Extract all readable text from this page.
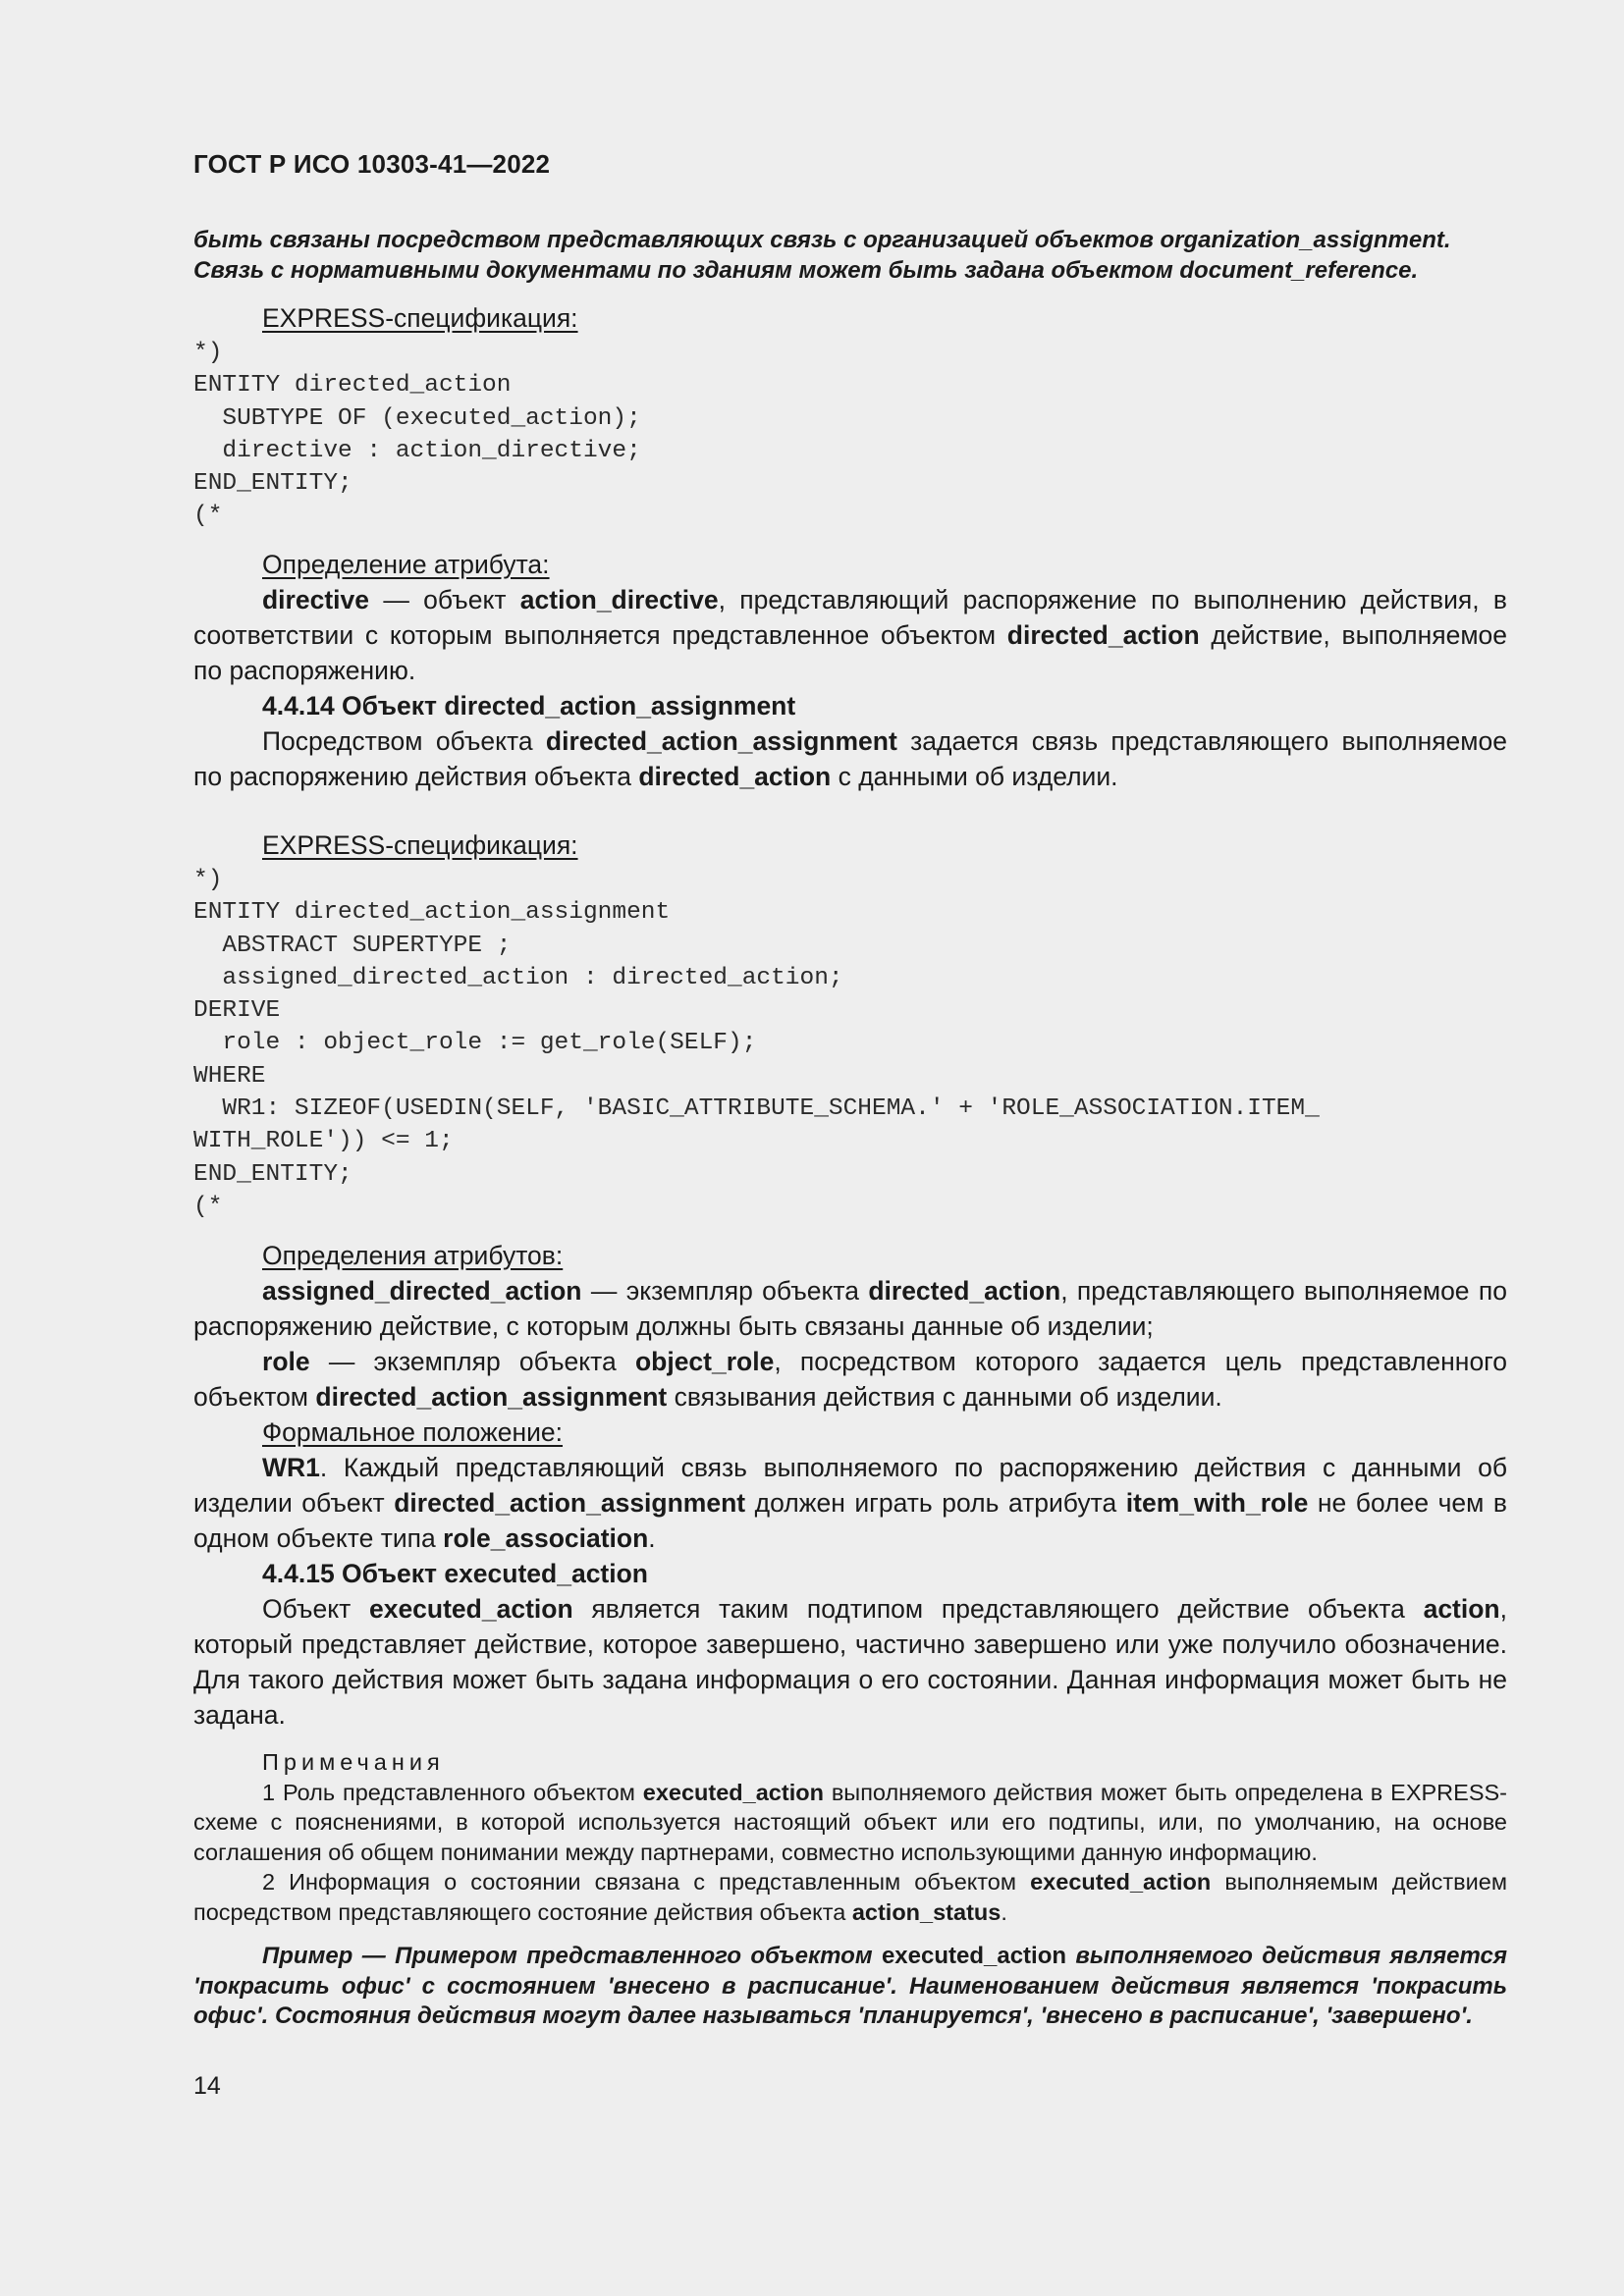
ГОСТ Р ИСО 10303-41—2022

быть связаны посредством представляющих связь с организацией объектов organization_assignment.

Связь с нормативными документами по зданиям может быть задана объектом document_reference.

EXPRESS-спецификация:

*)
ENTITY directed_action
SUBTYPE OF (executed_action);
directive : action_directive;
END_ENTITY;
(*

Определение атрибута:

directive — объект action_directive, представляющий распоряжение по выполнению действия, в соответствии с которым выполняется представленное объектом directed_action действие, выполняемое по распоряжению.

4.4.14 Объект directed_action_assignment

Посредством объекта directed_action_assignment задается связь представляющего выполняемое по распоряжению действия объекта directed_action с данными об изделии.

EXPRESS-спецификация:

*)
ENTITY directed_action_assignment
ABSTRACT SUPERTYPE ;
assigned_directed_action : directed_action;
DERIVE
role : object_role := get_role(SELF);
WHERE
WR1: SIZEOF(USEDIN(SELF, 'BASIC_ATTRIBUTE_SCHEMA.' + 'ROLE_ASSOCIATION.ITEM_
WITH_ROLE')) <= 1;
END_ENTITY;
(*

Определения атрибутов:

assigned_directed_action — экземпляр объекта directed_action, представляющего выполняемое по распоряжению действие, с которым должны быть связаны данные об изделии;

role — экземпляр объекта object_role, посредством которого задается цель представленного объектом directed_action_assignment связывания действия с данными об изделии.

Формальное положение:

WR1. Каждый представляющий связь выполняемого по распоряжению действия с данными об изделии объект directed_action_assignment должен играть роль атрибута item_with_role не более чем в одном объекте типа role_association.

4.4.15 Объект executed_action

Объект executed_action является таким подтипом представляющего действие объекта action, который представляет действие, которое завершено, частично завершено или уже получило обозначение. Для такого действия может быть задана информация о его состоянии. Данная информация может быть не задана.

Примечания

1 Роль представленного объектом executed_action выполняемого действия может быть определена в EXPRESS-схеме с пояснениями, в которой используется настоящий объект или его подтипы, или, по умолчанию, на основе соглашения об общем понимании между партнерами, совместно использующими данную информацию.

2 Информация о состоянии связана с представленным объектом executed_action выполняемым действием посредством представляющего состояние действия объекта action_status.

Пример — Примером представленного объектом executed_action выполняемого действия является 'покрасить офис' с состоянием 'внесено в расписание'. Наименованием действия является 'покрасить офис'. Состояния действия могут далее называться 'планируется', 'внесено в расписание', 'завершено'.

14
